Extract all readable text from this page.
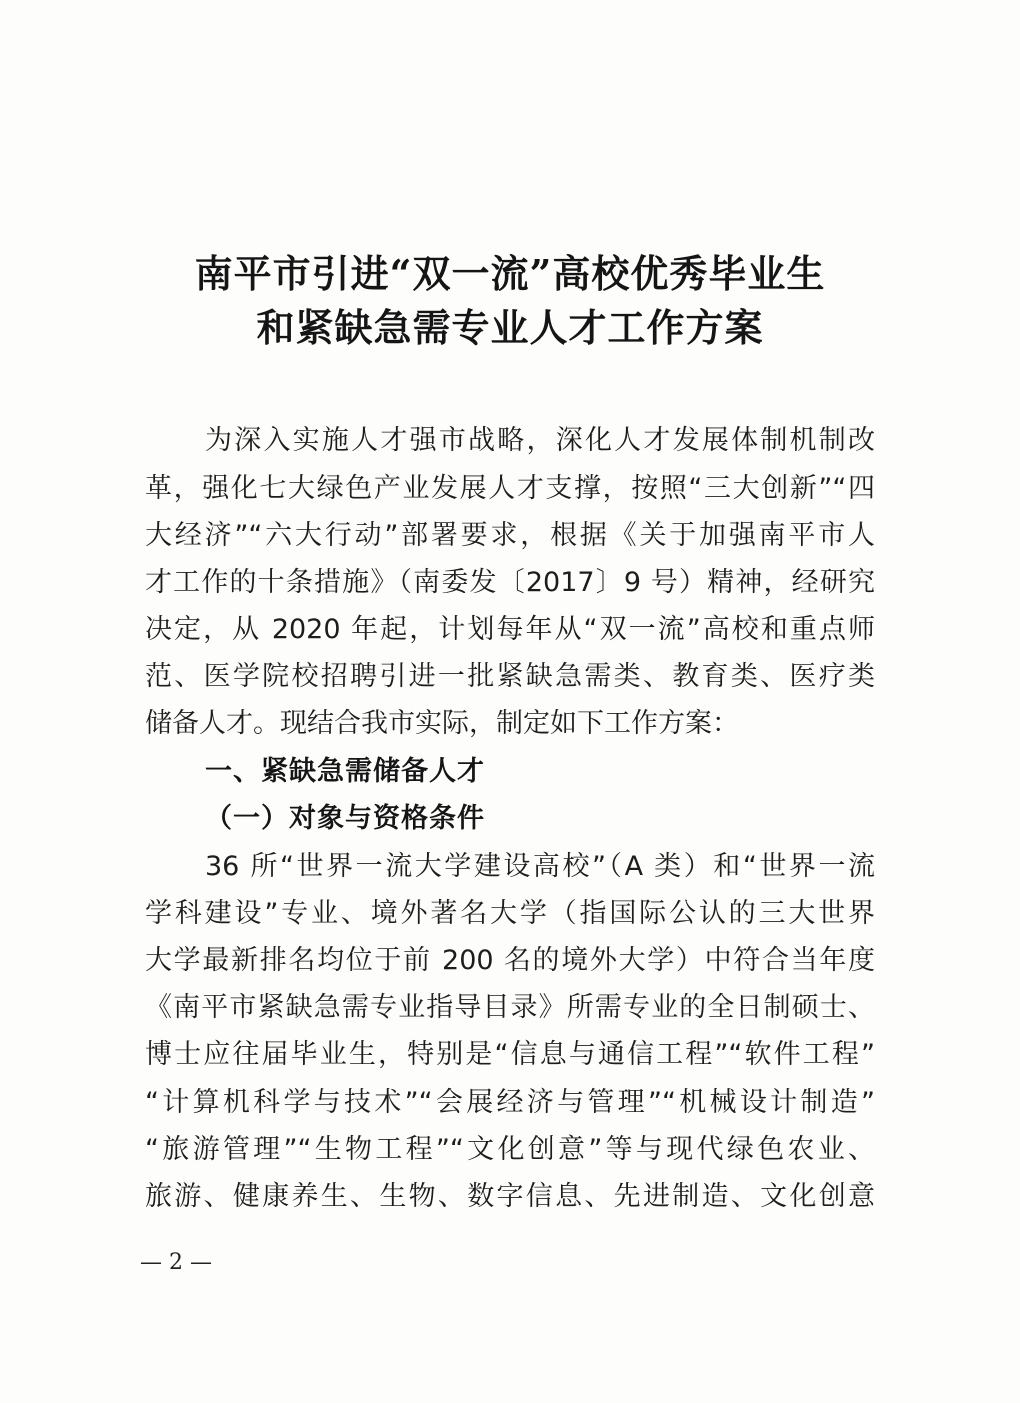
南平市引进“双一流”高校优秀毕业生
和紧缺急需专业人才工作方案
为深入实施人才强市战略，深化人才发展体制机制改
革，强化七大绿色产业发展人才支撑，按照“三大创新”“四
大经济”“六大行动”部署要求，根据《关于加强南平市人
才工作的十条措施》（南委发〔2017〕9 号）精神，经研究
决定，从 2020 年起，计划每年从“双一流”高校和重点师
范、医学院校招聘引进一批紧缺急需类、教育类、医疗类
储备人才。现结合我市实际，制定如下工作方案：
一、紧缺急需储备人才
（一）对象与资格条件
36 所“世界一流大学建设高校”（A 类）和“世界一流
学科建设”专业、境外著名大学（指国际公认的三大世界
大学最新排名均位于前 200 名的境外大学）中符合当年度
《南平市紧缺急需专业指导目录》所需专业的全日制硕士、
博士应往届毕业生，特别是“信息与通信工程”“软件工程”
“计算机科学与技术”“会展经济与管理”“机械设计制造”
“旅游管理”“生物工程”“文化创意”等与现代绿色农业、
旅游、健康养生、生物、数字信息、先进制造、文化创意
— 2 —
